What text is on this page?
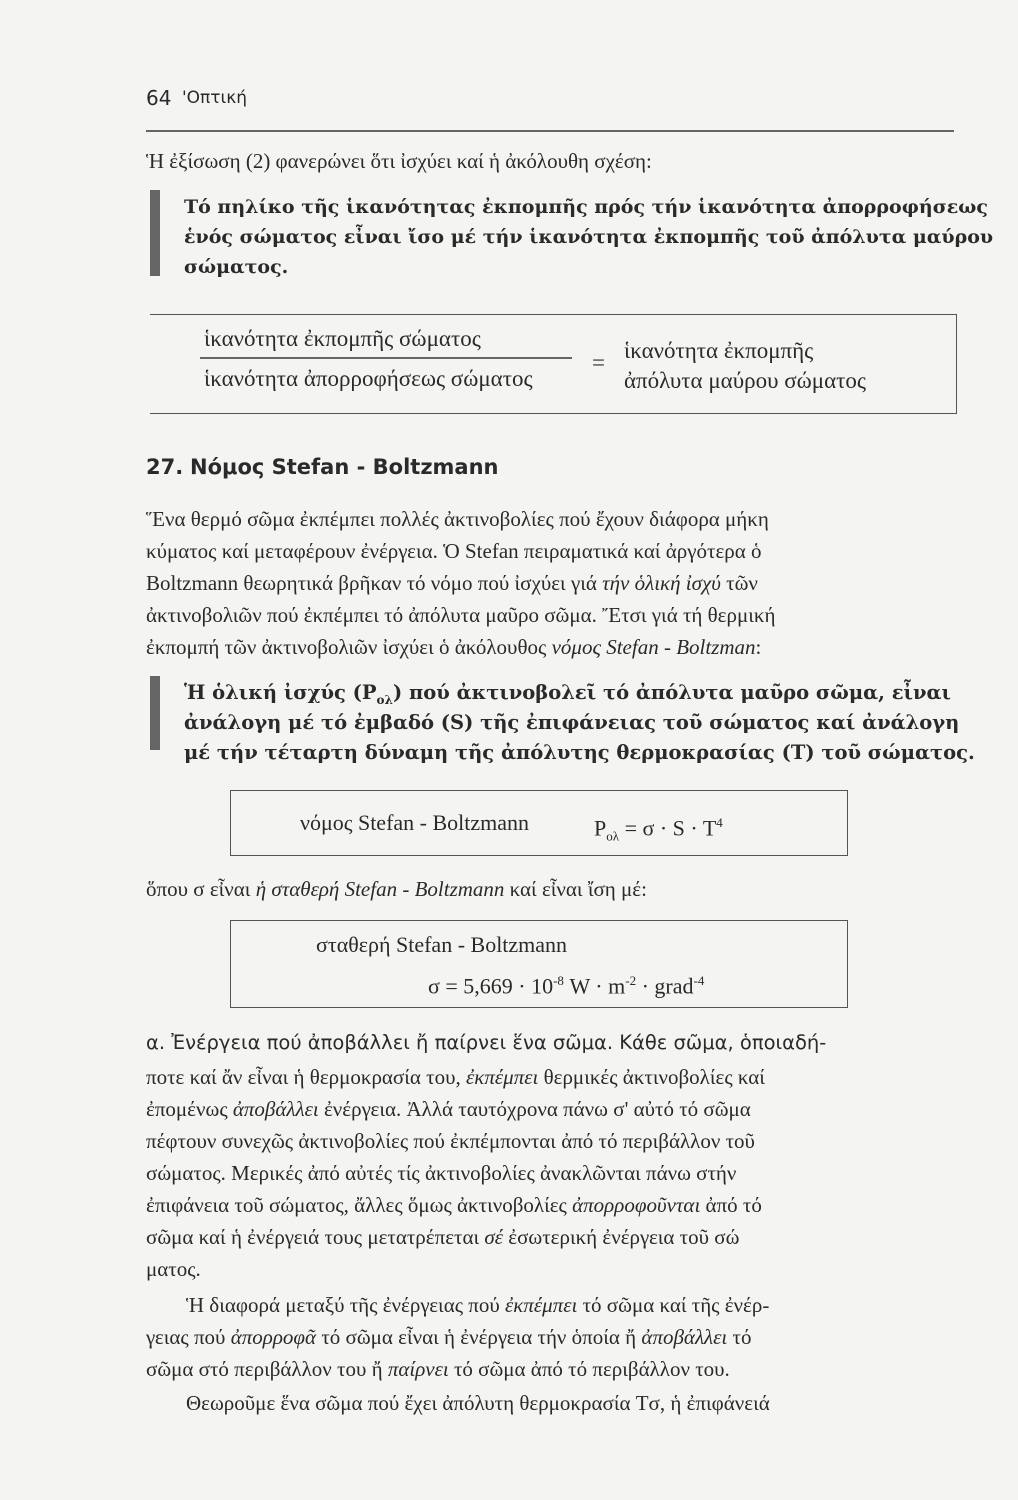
64 'Οπτική
Ἡ ἐξίσωση (2) φανερώνει ὅτι ἰσχύει καί ἡ ἀκόλουθη σχέση:
Τό πηλίκο τῆς ἱκανότητας ἐκπομπῆς πρός τήν ἱκανότητα ἀπορροφήσεως
ἑνός σώματος εἶναι ἴσο μέ τήν ἱκανότητα ἐκπομπῆς τοῦ ἀπόλυτα μαύρου
σώματος.
ἱκανότητα ἐκπομπῆς σώματος
ἱκανότητα ἀπορροφήσεως σώματος
= ἱκανότητα ἐκπομπῆς
ἀπόλυτα μαύρου σώματος
27. Νόμος Stefan - Boltzmann
Ἕνα θερμό σῶμα ἐκπέμπει πολλές ἀκτινοβολίες πού ἔχουν διάφορα μήκη
κύματος καί μεταφέρουν ἐνέργεια. Ὁ Stefan πειραματικά καί ἀργότερα ὁ
Boltzmann θεωρητικά βρῆκαν τό νόμο πού ἰσχύει γιά τήν ὁλική ἰσχύ τῶν
ἀκτινοβολιῶν πού ἐκπέμπει τό ἀπόλυτα μαῦρο σῶμα. Ἔτσι γιά τή θερμική
ἐκπομπή τῶν ἀκτινοβολιῶν ἰσχύει ὁ ἀκόλουθος νόμος Stefan - Boltzman:
Ἡ ὁλική ἰσχύς $(P_{o\lambda})$ πού ἀκτινοβολεῖ τό ἀπόλυτα μαῦρο σῶμα, εἶναι
ἀνάλογη μέ τό ἐμβαδό (S) τῆς ἐπιφάνειας τοῦ σώματος καί ἀνάλογη
μέ τήν τέταρτη δύναμη τῆς ἀπόλυτης θερμοκρασίας (T) τοῦ σώματος.
νόμος Stefan - Boltzmann	$P_{o\lambda} = \sigma \cdot S \cdot T^4$
ὅπου σ εἶναι ἡ σταθερή Stefan - Boltzmann καί εἶναι ἴση μέ:
σταθερή Stefan - Boltzmann
$\sigma = 5,669 \cdot 10^{-8}$ $W \cdot m^{-2}$ · grad$^{-4}$
α. Ἐνέργεια πού ἀποβάλλει ἤ παίρνει ἕνα σῶμα. Κάθε σῶμα, ὁποιαδή-
ποτε καί ἄν εἶναι ἡ θερμοκρασία του, ἐκπέμπει θερμικές ἀκτινοβολίες καί
ἐπομένως ἀποβάλλει ἐνέργεια. Ἀλλά ταυτόχρονα πάνω σ' αὐτό τό σῶμα
πέφτουν συνεχῶς ἀκτινοβολίες πού ἐκπέμπονται ἀπό τό περιβάλλον τοῦ
σώματος. Μερικές ἀπό αὐτές τίς ἀκτινοβολίες ἀνακλῶνται πάνω στήν
ἐπιφάνεια τοῦ σώματος, ἄλλες ὅμως ἀκτινοβολίες ἀπορροφοῦνται ἀπό τό
σῶμα καί ἡ ἐνέργειά τους μετατρέπεται σέ ἐσωτερική ἐνέργεια τοῦ σώ
ματος.
Ἡ διαφορά μεταξύ τῆς ἐνέργειας πού ἐκπέμπει τό σῶμα καί τῆς ἐνέρ-
γειας πού ἀπορροφᾶ τό σῶμα εἶναι ἡ ἐνέργεια τήν ὁποία ἤ ἀποβάλλει τό
σῶμα στό περιβάλλον του ἤ παίρνει τό σῶμα ἀπό τό περιβάλλον του.
Θεωροῦμε ἕνα σῶμα πού ἔχει ἀπόλυτη θερμοκρασία Tσ, ἡ ἐπιφάνειά
